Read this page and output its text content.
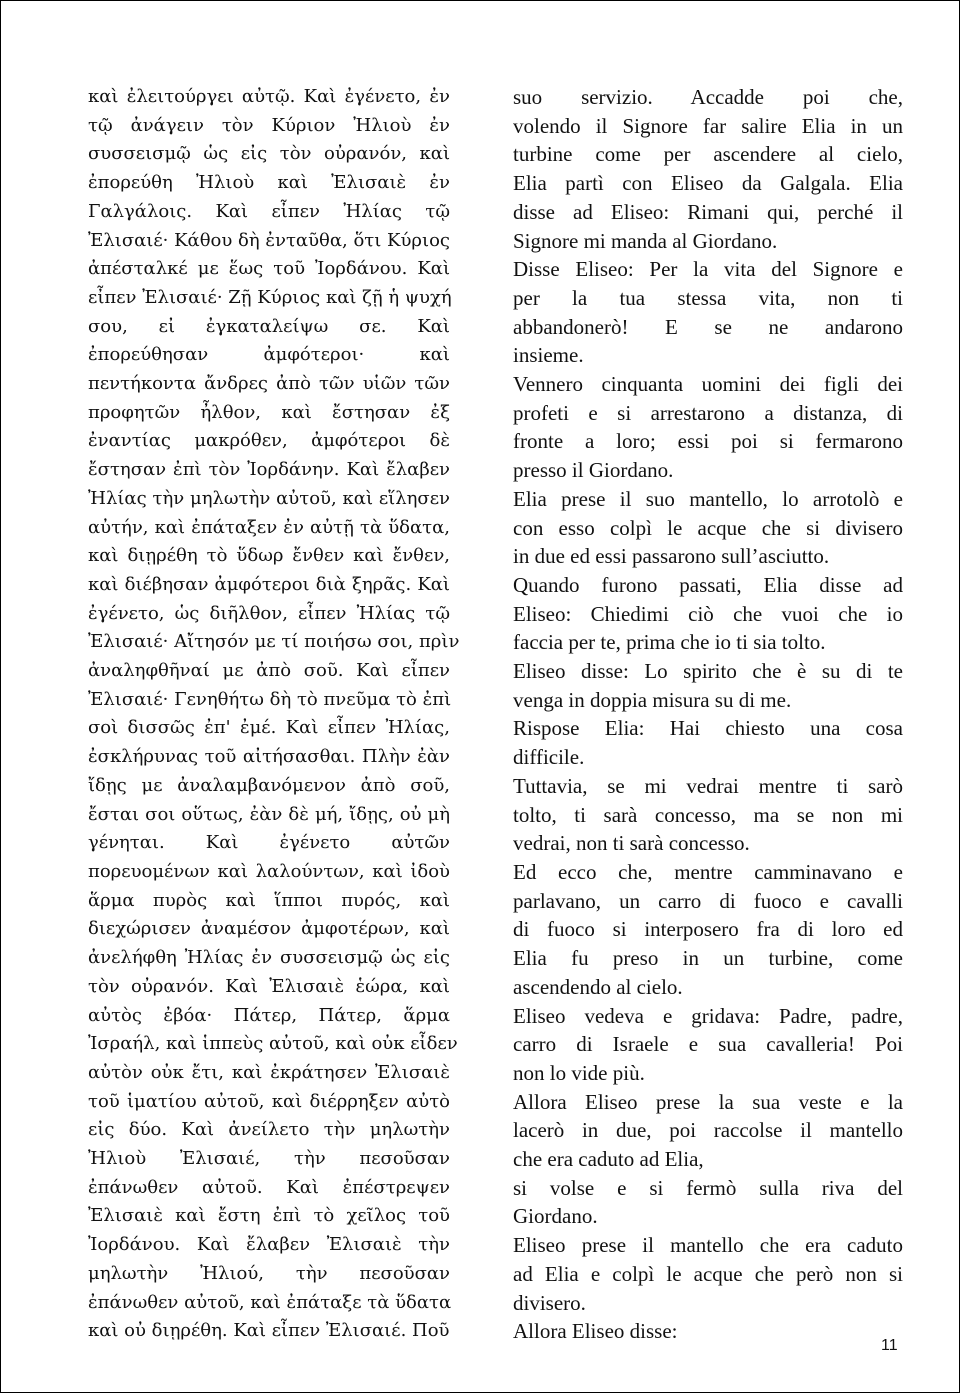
καὶ ἐλειτούργει αὐτῷ. Καὶ ἐγένετο, ἐν
τῷ ἀνάγειν τὸν Κύριον Ἠλιοὺ ἐν
συσσεισμῷ ὡς εἰς τὸν οὐρανόν, καὶ
ἐπορεύθη Ἠλιοὺ καὶ Ἐλισαιὲ ἐν
Γαλγάλοις. Καὶ εἶπεν Ἠλίας τῷ
Ἐλισαιέ· Κάθου δὴ ἐνταῦθα, ὅτι Κύριος
ἀπέσταλκέ με ἕως τοῦ Ἰορδάνου. Καὶ
εἶπεν Ἐλισαιέ· Ζῇ Κύριος καὶ ζῇ ἡ ψυχή
σου, εἰ ἐγκαταλείψω σε. Καὶ
ἐπορεύθησαν ἀμφότεροι· καὶ
πεντήκοντα ἄνδρες ἀπὸ τῶν υἱῶν τῶν
προφητῶν ἦλθον, καὶ ἔστησαν ἐξ
ἐναντίας μακρόθεν, ἀμφότεροι δὲ
ἔστησαν ἐπὶ τὸν Ἰορδάνην. Καὶ ἔλαβεν
Ἠλίας τὴν μηλωτὴν αὐτοῦ, καὶ εἵλησεν
αὐτήν, καὶ ἐπάταξεν ἐν αὐτῇ τὰ ὕδατα,
καὶ διῃρέθη τὸ ὕδωρ ἔνθεν καὶ ἔνθεν,
καὶ διέβησαν ἀμφότεροι διὰ ξηρᾶς. Καὶ
ἐγένετο, ὡς διῆλθον, εἶπεν Ἠλίας τῷ
Ἐλισαιέ· Αἴτησόν με τί ποιήσω σοι, πρὶν
ἀναληφθῆναί με ἀπὸ σοῦ. Καὶ εἶπεν
Ἐλισαιέ· Γενηθήτω δὴ τὸ πνεῦμα τὸ ἐπὶ
σοὶ δισσῶς ἐπ' ἐμέ. Καὶ εἶπεν Ἠλίας,
ἐσκλήρυνας τοῦ αἰτήσασθαι. Πλὴν ἐὰν
ἴδῃς με ἀναλαμβανόμενον ἀπὸ σοῦ,
ἔσται σοι οὕτως, ἐὰν δὲ μή, ἴδῃς, οὐ μὴ
γένηται. Καὶ ἐγένετο αὐτῶν
πορευομένων καὶ λαλούντων, καὶ ἰδοὺ
ἅρμα πυρὸς καὶ ἵπποι πυρός, καὶ
διεχώρισεν ἀναμέσον ἀμφοτέρων, καὶ
ἀνελήφθη Ἠλίας ἐν συσσεισμῷ ὡς εἰς
τὸν οὐρανόν. Καὶ Ἐλισαιὲ ἑώρα, καὶ
αὐτὸς ἐβόα· Πάτερ, Πάτερ, ἅρμα
Ἰσραήλ, καὶ ἱππεὺς αὐτοῦ, καὶ οὐκ εἶδεν
αὐτὸν οὐκ ἔτι, καὶ ἐκράτησεν Ἐλισαιὲ
τοῦ ἱματίου αὐτοῦ, καὶ διέρρηξεν αὐτὸ
εἰς δύο. Καὶ ἀνείλετο τὴν μηλωτὴν
Ἠλιοὺ Ἐλισαιέ, τὴν πεσοῦσαν
ἐπάνωθεν αὐτοῦ. Καὶ ἐπέστρεψεν
Ἐλισαιὲ καὶ ἔστη ἐπὶ τὸ χεῖλος τοῦ
Ἰορδάνου. Καὶ ἔλαβεν Ἐλισαιὲ τὴν
μηλωτὴν Ἠλιού, τὴν πεσοῦσαν
ἐπάνωθεν αὐτοῦ, καὶ ἐπάταξε τὰ ὕδατα
καὶ οὐ διῃρέθη. Καὶ εἶπεν Ἐλισαιέ. Ποῦ
suo servizio. Accadde poi che,
volendo il Signore far salire Elia in un
turbine come per ascendere al cielo,
Elia partì con Eliseo da Galgala. Elia
disse ad Eliseo: Rimani qui, perché il
Signore mi manda al Giordano.
Disse Eliseo: Per la vita del Signore e
per la tua stessa vita, non ti
abbandonerò! E se ne andarono
insieme.
Vennero cinquanta uomini dei figli dei
profeti e si arrestarono a distanza, di
fronte a loro; essi poi si fermarono
presso il Giordano.
Elia prese il suo mantello, lo arrotolò e
con esso colpì le acque che si divisero
in due ed essi passarono sull’asciutto.
Quando furono passati, Elia disse ad
Eliseo: Chiedimi ciò che vuoi che io
faccia per te, prima che io ti sia tolto.
Eliseo disse: Lo spirito che è su di te
venga in doppia misura su di me.
Rispose Elia: Hai chiesto una cosa
difficile.
Tuttavia, se mi vedrai mentre ti sarò
tolto, ti sarà concesso, ma se non mi
vedrai, non ti sarà concesso.
Ed ecco che, mentre camminavano e
parlavano, un carro di fuoco e cavalli
di fuoco si interposero fra di loro ed
Elia fu preso in un turbine, come
ascendendo al cielo.
Eliseo vedeva e gridava: Padre, padre,
carro di Israele e sua cavalleria! Poi
non lo vide più.
Allora Eliseo prese la sua veste e la
lacerò in due, poi raccolse il mantello
che era caduto ad Elia,
si volse e si fermò sulla riva del
Giordano.
Eliseo prese il mantello che era caduto
ad Elia e colpì le acque che però non si
divisero.
Allora Eliseo disse:
11
